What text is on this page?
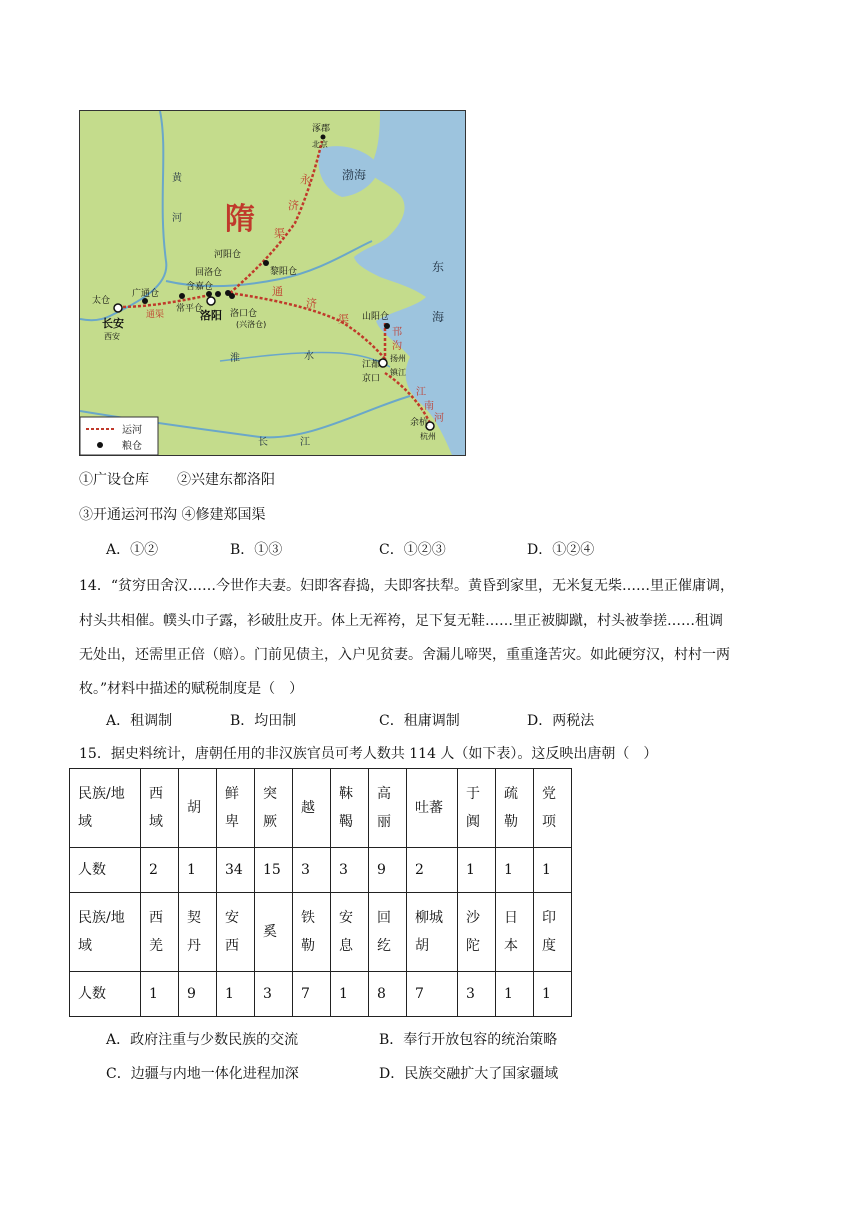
隋
涿郡
北京
渤海
东
海
黄
河
黎阳仓
河阳仓
回洛仓
含嘉仓
洛阳 洛口仓
(兴洛仓)
常平仓
广通仓
太仓
长安
西安
通渠	山阳仓
江都
扬州
京口
镇江
余杭
杭州
淮	水
长	江
永
济
渠
通
济
渠
邗
沟
江
南
河
运河
粮仓
①广设仓库　　②兴建东都洛阳
③开通运河邗沟 ④修建郑国渠
A．①②	B．①③	C．①②③	D．①②④
14．“贫穷田舍汉……今世作夫妻。妇即客舂捣，夫即客扶犁。黄昏到家里，无米复无柴……里正催庸调，
村头共相催。幞头巾子露，衫破肚皮开。体上无裈袴，足下复无鞋……里正被脚蹴，村头被拳搓……租调
无处出，还需里正倍（赔）。门前见债主，入户见贫妻。舍漏儿啼哭，重重逢苦灾。如此硬穷汉，村村一两
枚。”材料中描述的赋税制度是（　）
A．租调制	B．均田制	C．租庸调制	D．两税法
15．据史料统计，唐朝任用的非汉族官员可考人数共 114 人（如下表）。这反映出唐朝（　）
民族/地域	西域	胡	鲜卑	突厥	越	靺鞨	高丽	吐蕃	于阗	疏勒	党项
人数	2	1	34	15	3	3	9	2	1	1	1
民族/地域	西羌	契丹	安西	奚	铁勒	安息	回纥	柳城胡	沙陀	日本	印度
人数	1	9	1	3	7	1	8	7	3	1	1
A．政府注重与少数民族的交流	B．奉行开放包容的统治策略
C．边疆与内地一体化进程加深	D．民族交融扩大了国家疆域
